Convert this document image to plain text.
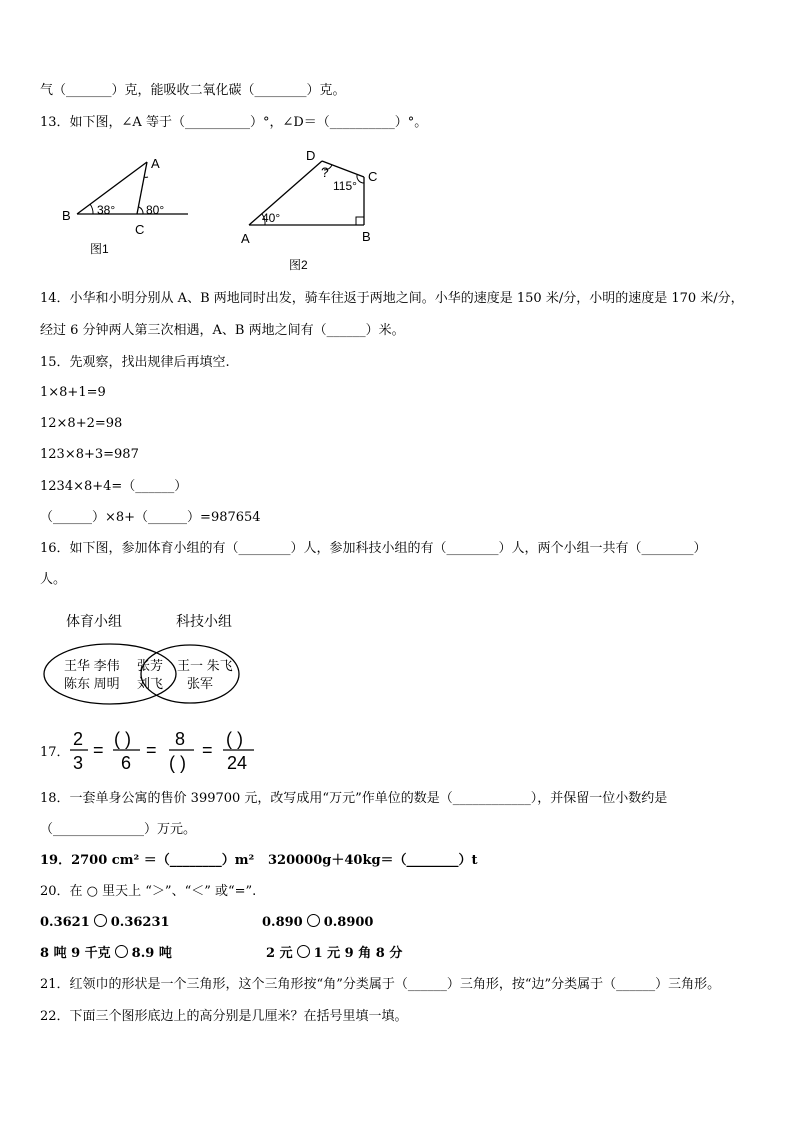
气（_______）克，能吸收二氧化碳（________）克。
13．如下图，∠A 等于（__________）°，∠D＝（__________）°。
A
B
C
38°	80°
图1
D
C
A	B
40°
115°
?
图2
14．小华和小明分别从 A、B 两地同时出发，骑车往返于两地之间。小华的速度是 150 米/分，小明的速度是 170 米/分，
经过 6 分钟两人第三次相遇，A、B 两地之间有（______）米。
15．先观察，找出规律后再填空.
1×8+1=9
12×8+2=98
123×8+3=987
1234×8+4=（______）
（______）×8+（______）=987654
16．如下图，参加体育小组的有（________）人，参加科技小组的有（________）人，两个小组一共有（________）
人。
体育小组	科技小组
王华 李伟
陈东 周明
张芳
刘飞
王一 朱飞
张军
17．
2
3
=
( )
6
=
8
( )
=
( )
24
18．一套单身公寓的售价 399700 元，改写成用“万元”作单位的数是（____________），并保留一位小数约是
（______________）万元。
19．2700 cm² ＝（________）m² 320000g＋40kg＝（________）t
20．在 ○ 里天上 “＞”、“＜” 或“=”.
0.3621 0.36231	0.890 0.8900
8 吨 9 千克 8.9 吨	2 元 1 元 9 角 8 分
21．红领巾的形状是一个三角形，这个三角形按“角”分类属于（______）三角形，按“边”分类属于（______）三角形。
22．下面三个图形底边上的高分别是几厘米？在括号里填一填。
